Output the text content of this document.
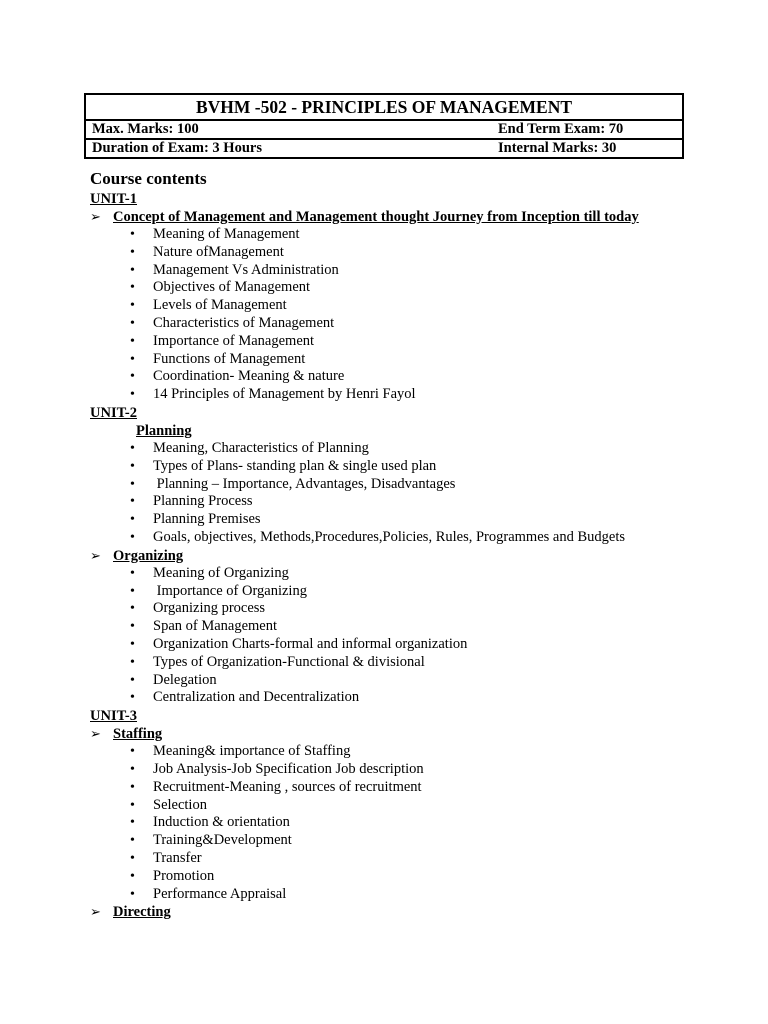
BVHM -502 - PRINCIPLES OF MANAGEMENT	
Max. Marks: 100	End Term Exam: 70
Duration of Exam: 3 Hours	Internal Marks: 30
Course contents
UNIT-1
➢ Concept of Management and Management thought Journey from Inception till today
• Meaning of Management
• Nature ofManagement
• Management Vs Administration
• Objectives of Management
• Levels of Management
• Characteristics of Management
• Importance of Management
• Functions of Management
• Coordination- Meaning & nature
• 14 Principles of Management by Henri Fayol
UNIT-2
Planning
• Meaning, Characteristics of Planning
• Types of Plans- standing plan & single used plan
• Planning – Importance, Advantages, Disadvantages
• Planning Process
• Planning Premises
• Goals, objectives, Methods,Procedures,Policies, Rules, Programmes and Budgets
➢ Organizing
• Meaning of Organizing
• Importance of Organizing
• Organizing process
• Span of Management
• Organization Charts-formal and informal organization
• Types of Organization-Functional & divisional
• Delegation
• Centralization and Decentralization
UNIT-3
➢ Staffing
• Meaning& importance of Staffing
• Job Analysis-Job Specification Job description
• Recruitment-Meaning , sources of recruitment
• Selection
• Induction & orientation
• Training&Development
• Transfer
• Promotion
• Performance Appraisal
➢ Directing
